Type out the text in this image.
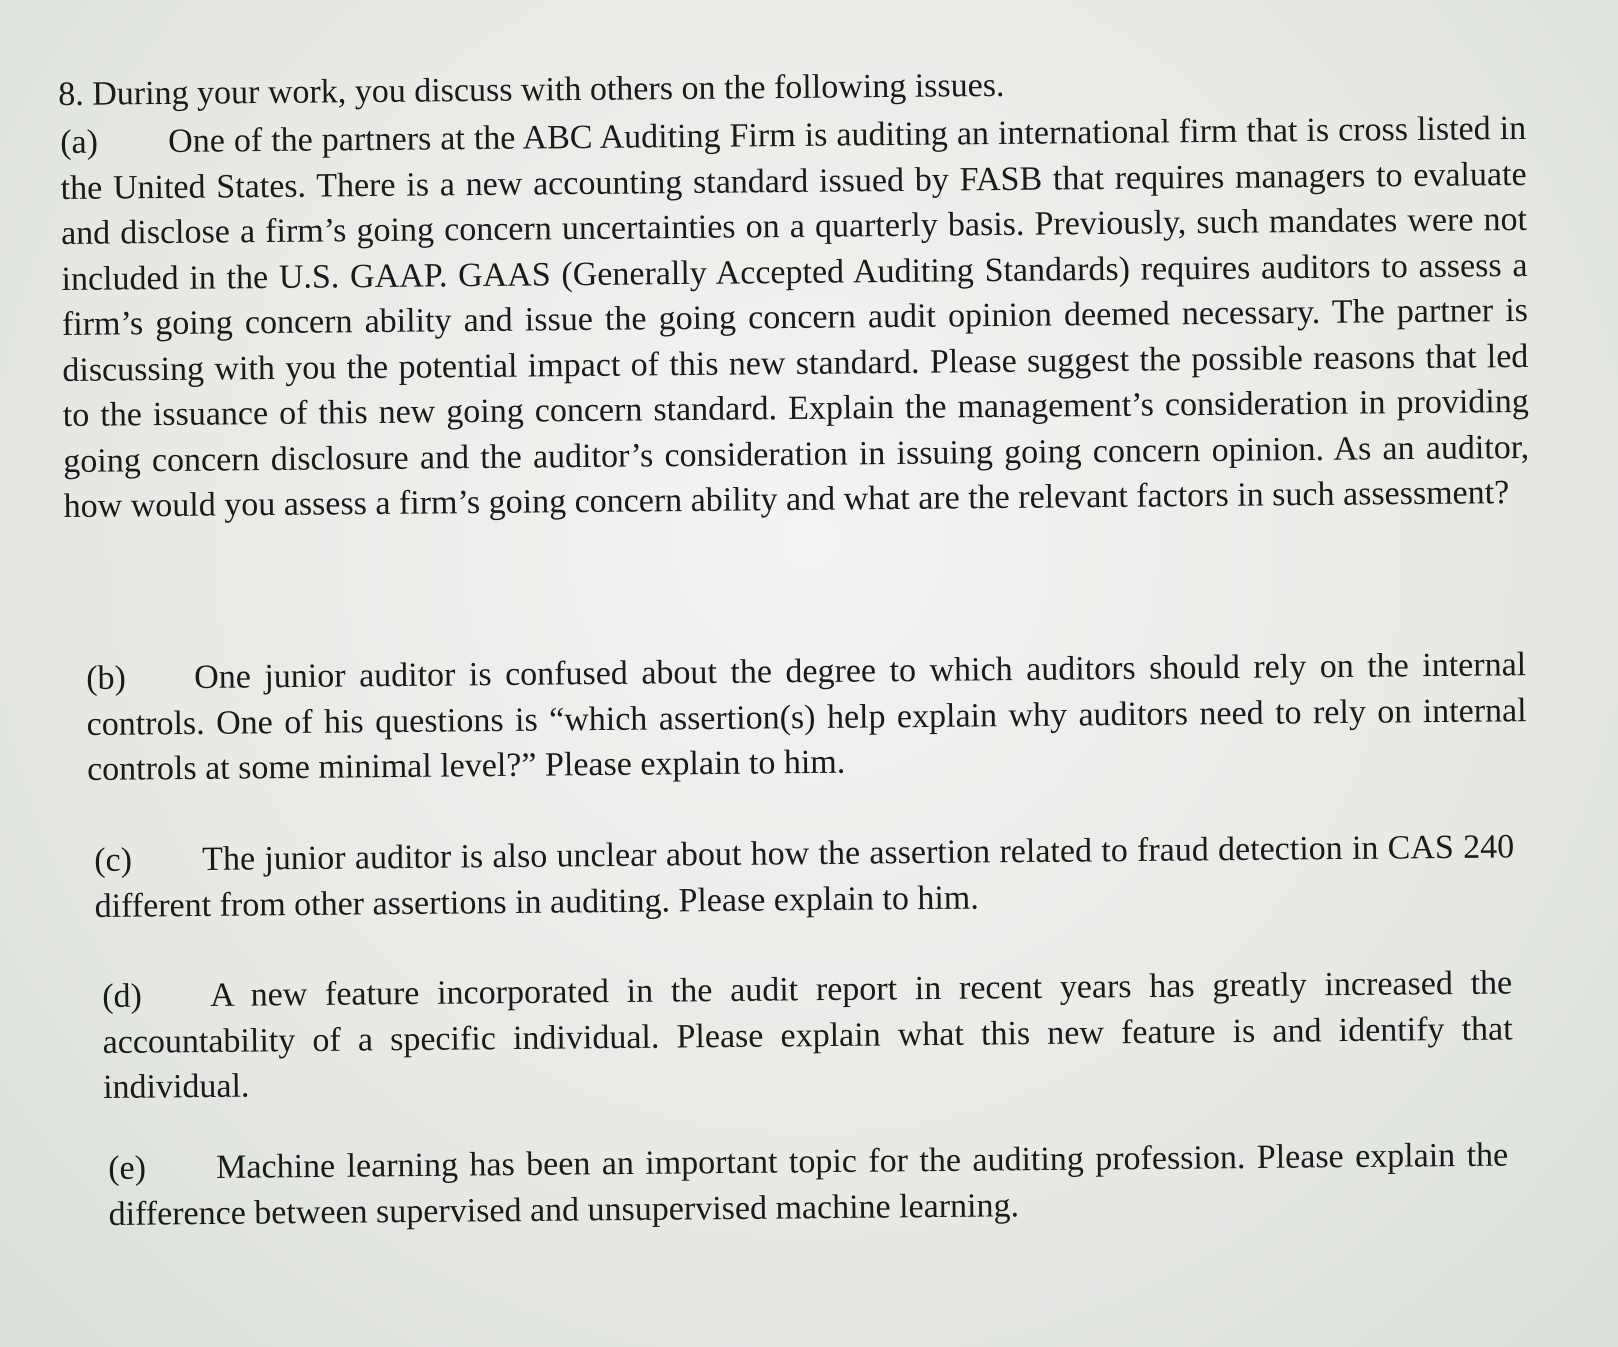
8. During your work, you discuss with others on the following issues.
(a) One of the partners at the ABC Auditing Firm is auditing an international firm that is cross listed in the United States. There is a new accounting standard issued by FASB that requires managers to evaluate and disclose a firm’s going concern uncertainties on a quarterly basis. Previously, such mandates were not included in the U.S. GAAP. GAAS (Generally Accepted Auditing Standards) requires auditors to assess a firm’s going concern ability and issue the going concern audit opinion deemed necessary. The partner is discussing with you the potential impact of this new standard. Please suggest the possible reasons that led to the issuance of this new going concern standard. Explain the management’s consideration in providing going concern disclosure and the auditor’s consideration in issuing going concern opinion. As an auditor, how would you assess a firm’s going concern ability and what are the relevant factors in such assessment?
(b) One junior auditor is confused about the degree to which auditors should rely on the internal controls. One of his questions is “which assertion(s) help explain why auditors need to rely on internal controls at some minimal level?” Please explain to him.
(c) The junior auditor is also unclear about how the assertion related to fraud detection in CAS 240 different from other assertions in auditing. Please explain to him.
(d) A new feature incorporated in the audit report in recent years has greatly increased the accountability of a specific individual. Please explain what this new feature is and identify that individual.
(e) Machine learning has been an important topic for the auditing profession. Please explain the difference between supervised and unsupervised machine learning.
